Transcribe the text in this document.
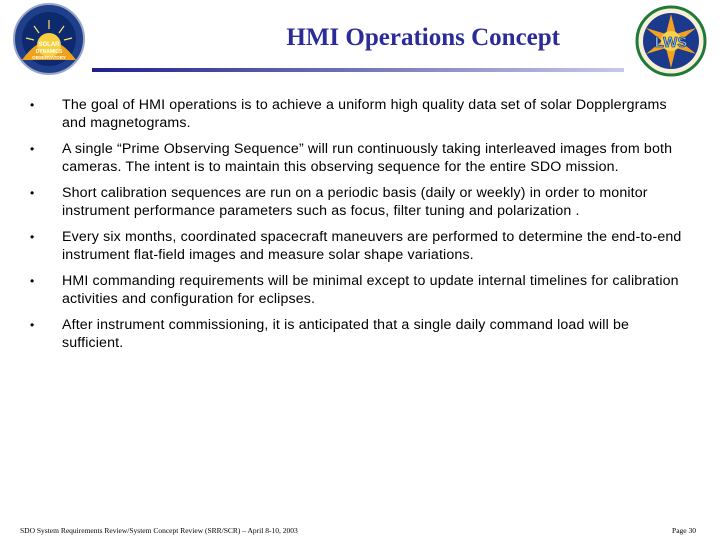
SOLAR
DYNAMICS
OBSERVATORY
LWS
HMI Operations Concept
• The goal of HMI operations is to achieve a uniform high quality data set of solar Dopplergrams and magnetograms.
• A single “Prime Observing Sequence” will run continuously taking interleaved images from both cameras. The intent is to maintain this observing sequence for the entire SDO mission.
• Short calibration sequences are run on a periodic basis (daily or weekly) in order to monitor instrument performance parameters such as focus, filter tuning and polarization .
• Every six months, coordinated spacecraft maneuvers are performed to determine the end-to-end instrument flat-field images and measure solar shape variations.
• HMI commanding requirements will be minimal except to update internal timelines for calibration activities and configuration for eclipses.
• After instrument commissioning, it is anticipated that a single daily command load will be sufficient.
SDO System Requirements Review/System Concept Review (SRR/SCR) – April 8-10, 2003	Page 30
